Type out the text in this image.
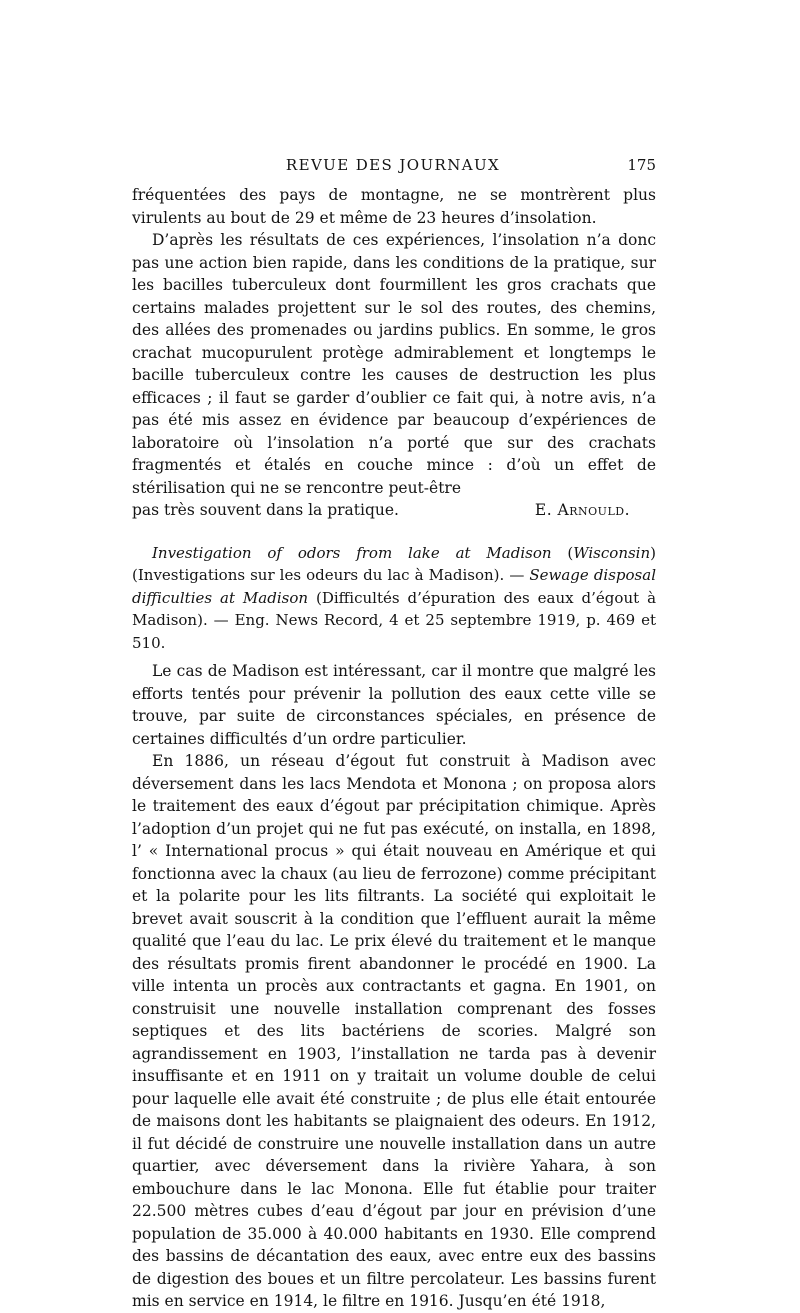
REVUE DES JOURNAUX	175

fréquentées des pays de montagne, ne se montrèrent plus virulents au bout de 29 et même de 23 heures d’insolation.

D’après les résultats de ces expériences, l’insolation n’a donc pas une action bien rapide, dans les conditions de la pratique, sur les bacilles tuberculeux dont fourmillent les gros crachats que certains malades projettent sur le sol des routes, des chemins, des allées des promenades ou jardins publics. En somme, le gros crachat mucopurulent protège admirablement et longtemps le bacille tuberculeux contre les causes de destruction les plus efficaces ; il faut se garder d’oublier ce fait qui, à notre avis, n’a pas été mis assez en évidence par beaucoup d’expériences de laboratoire où l’insolation n’a porté que sur des crachats fragmentés et étalés en couche mince : d’où un effet de stérilisation qui ne se rencontre peut-être

pas très souvent dans la pratique.	E. Arnould.

Investigation of odors from lake at Madison (Wisconsin) (Investigations sur les odeurs du lac à Madison). — Sewage disposal difficulties at Madison (Difficultés d’épuration des eaux d’égout à Madison). — Eng. News Record, 4 et 25 septembre 1919, p. 469 et 510.

Le cas de Madison est intéressant, car il montre que malgré les efforts tentés pour prévenir la pollution des eaux cette ville se trouve, par suite de circonstances spéciales, en présence de certaines difficultés d’un ordre particulier.

En 1886, un réseau d’égout fut construit à Madison avec déversement dans les lacs Mendota et Monona ; on proposa alors le traitement des eaux d’égout par précipitation chimique. Après l’adoption d’un projet qui ne fut pas exécuté, on installa, en 1898, l’ « International procus » qui était nouveau en Amérique et qui fonctionna avec la chaux (au lieu de ferrozone) comme précipitant et la polarite pour les lits filtrants. La société qui exploitait le brevet avait souscrit à la condition que l’effluent aurait la même qualité que l’eau du lac. Le prix élevé du traitement et le manque des résultats promis firent abandonner le procédé en 1900. La ville intenta un procès aux contractants et gagna. En 1901, on construisit une nouvelle installation comprenant des fosses septiques et des lits bactériens de scories. Malgré son agrandissement en 1903, l’installation ne tarda pas à devenir insuffisante et en 1911 on y traitait un volume double de celui pour laquelle elle avait été construite ; de plus elle était entourée de maisons dont les habitants se plaignaient des odeurs. En 1912, il fut décidé de construire une nouvelle installation dans un autre quartier, avec déversement dans la rivière Yahara, à son embouchure dans le lac Monona. Elle fut établie pour traiter 22.500 mètres cubes d’eau d’égout par jour en prévision d’une population de 35.000 à 40.000 habitants en 1930. Elle comprend des bassins de décantation des eaux, avec entre eux des bassins de digestion des boues et un filtre percolateur. Les bassins furent mis en service en 1914, le filtre en 1916. Jusqu’en été 1918,
